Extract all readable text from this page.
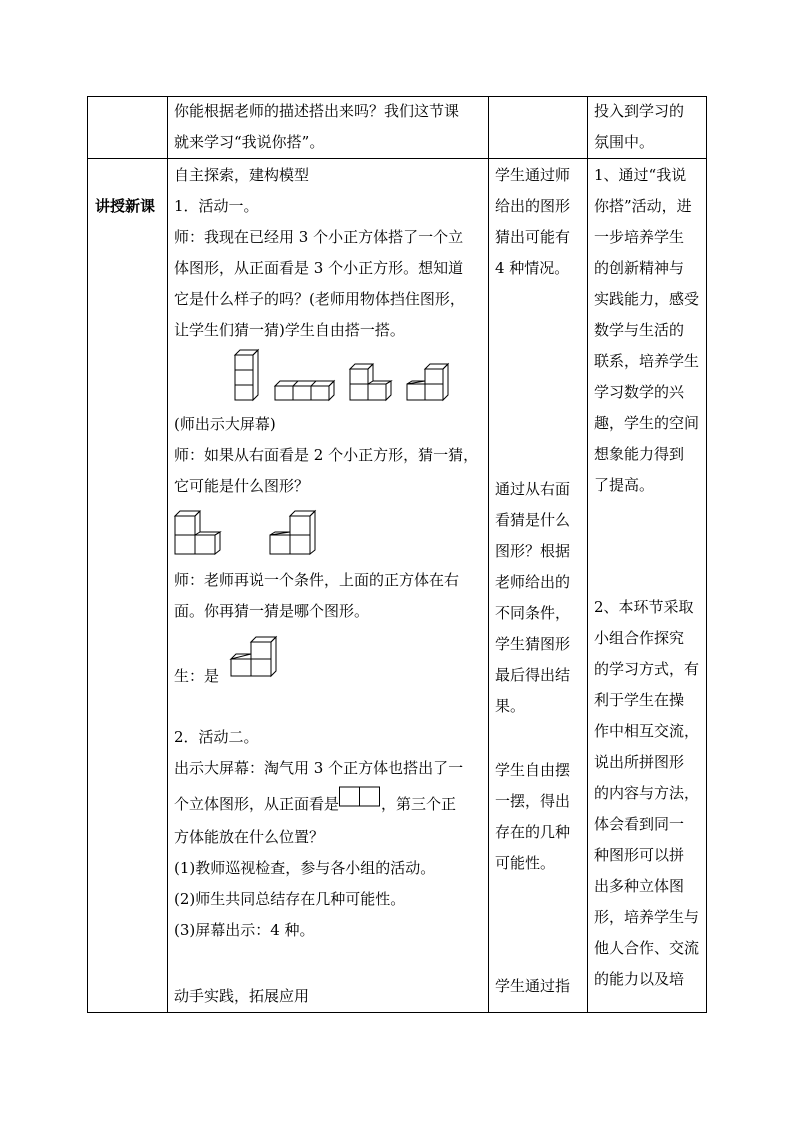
你能根据老师的描述搭出来吗？我们这节课
就来学习“我说你搭”。
投入到学习的
氛围中。
讲授新课
自主探索，建构模型
1．活动一。
师：我现在已经用 3 个小正方体搭了一个立
体图形，从正面看是 3 个小正方形。想知道
它是什么样子的吗？(老师用物体挡住图形，
让学生们猜一猜)学生自由搭一搭。
(师出示大屏幕)
师：如果从右面看是 2 个小正方形，猜一猜，
它可能是什么图形？
师：老师再说一个条件，上面的正方体在右
面。你再猜一猜是哪个图形。
生：是
2．活动二。
出示大屏幕：淘气用 3 个正方体也搭出了一
个立体图形，从正面看是	，第三个正
方体能放在什么位置？
(1)教师巡视检查，参与各小组的活动。
(2)师生共同总结存在几种可能性。
(3)屏幕出示：4 种。
动手实践，拓展应用
学生通过师
给出的图形
猜出可能有
4 种情况。
通过从右面
看猜是什么
图形？根据
老师给出的
不同条件，
学生猜图形
最后得出结
果。
学生自由摆
一摆，得出
存在的几种
可能性。
学生通过指
1、通过“我说
你搭”活动，进
一步培养学生
的创新精神与
实践能力，感受
数学与生活的
联系，培养学生
学习数学的兴
趣，学生的空间
想象能力得到
了提高。
2、本环节采取
小组合作探究
的学习方式，有
利于学生在操
作中相互交流，
说出所拼图形
的内容与方法，
体会看到同一
种图形可以拼
出多种立体图
形，培养学生与
他人合作、交流
的能力以及培
